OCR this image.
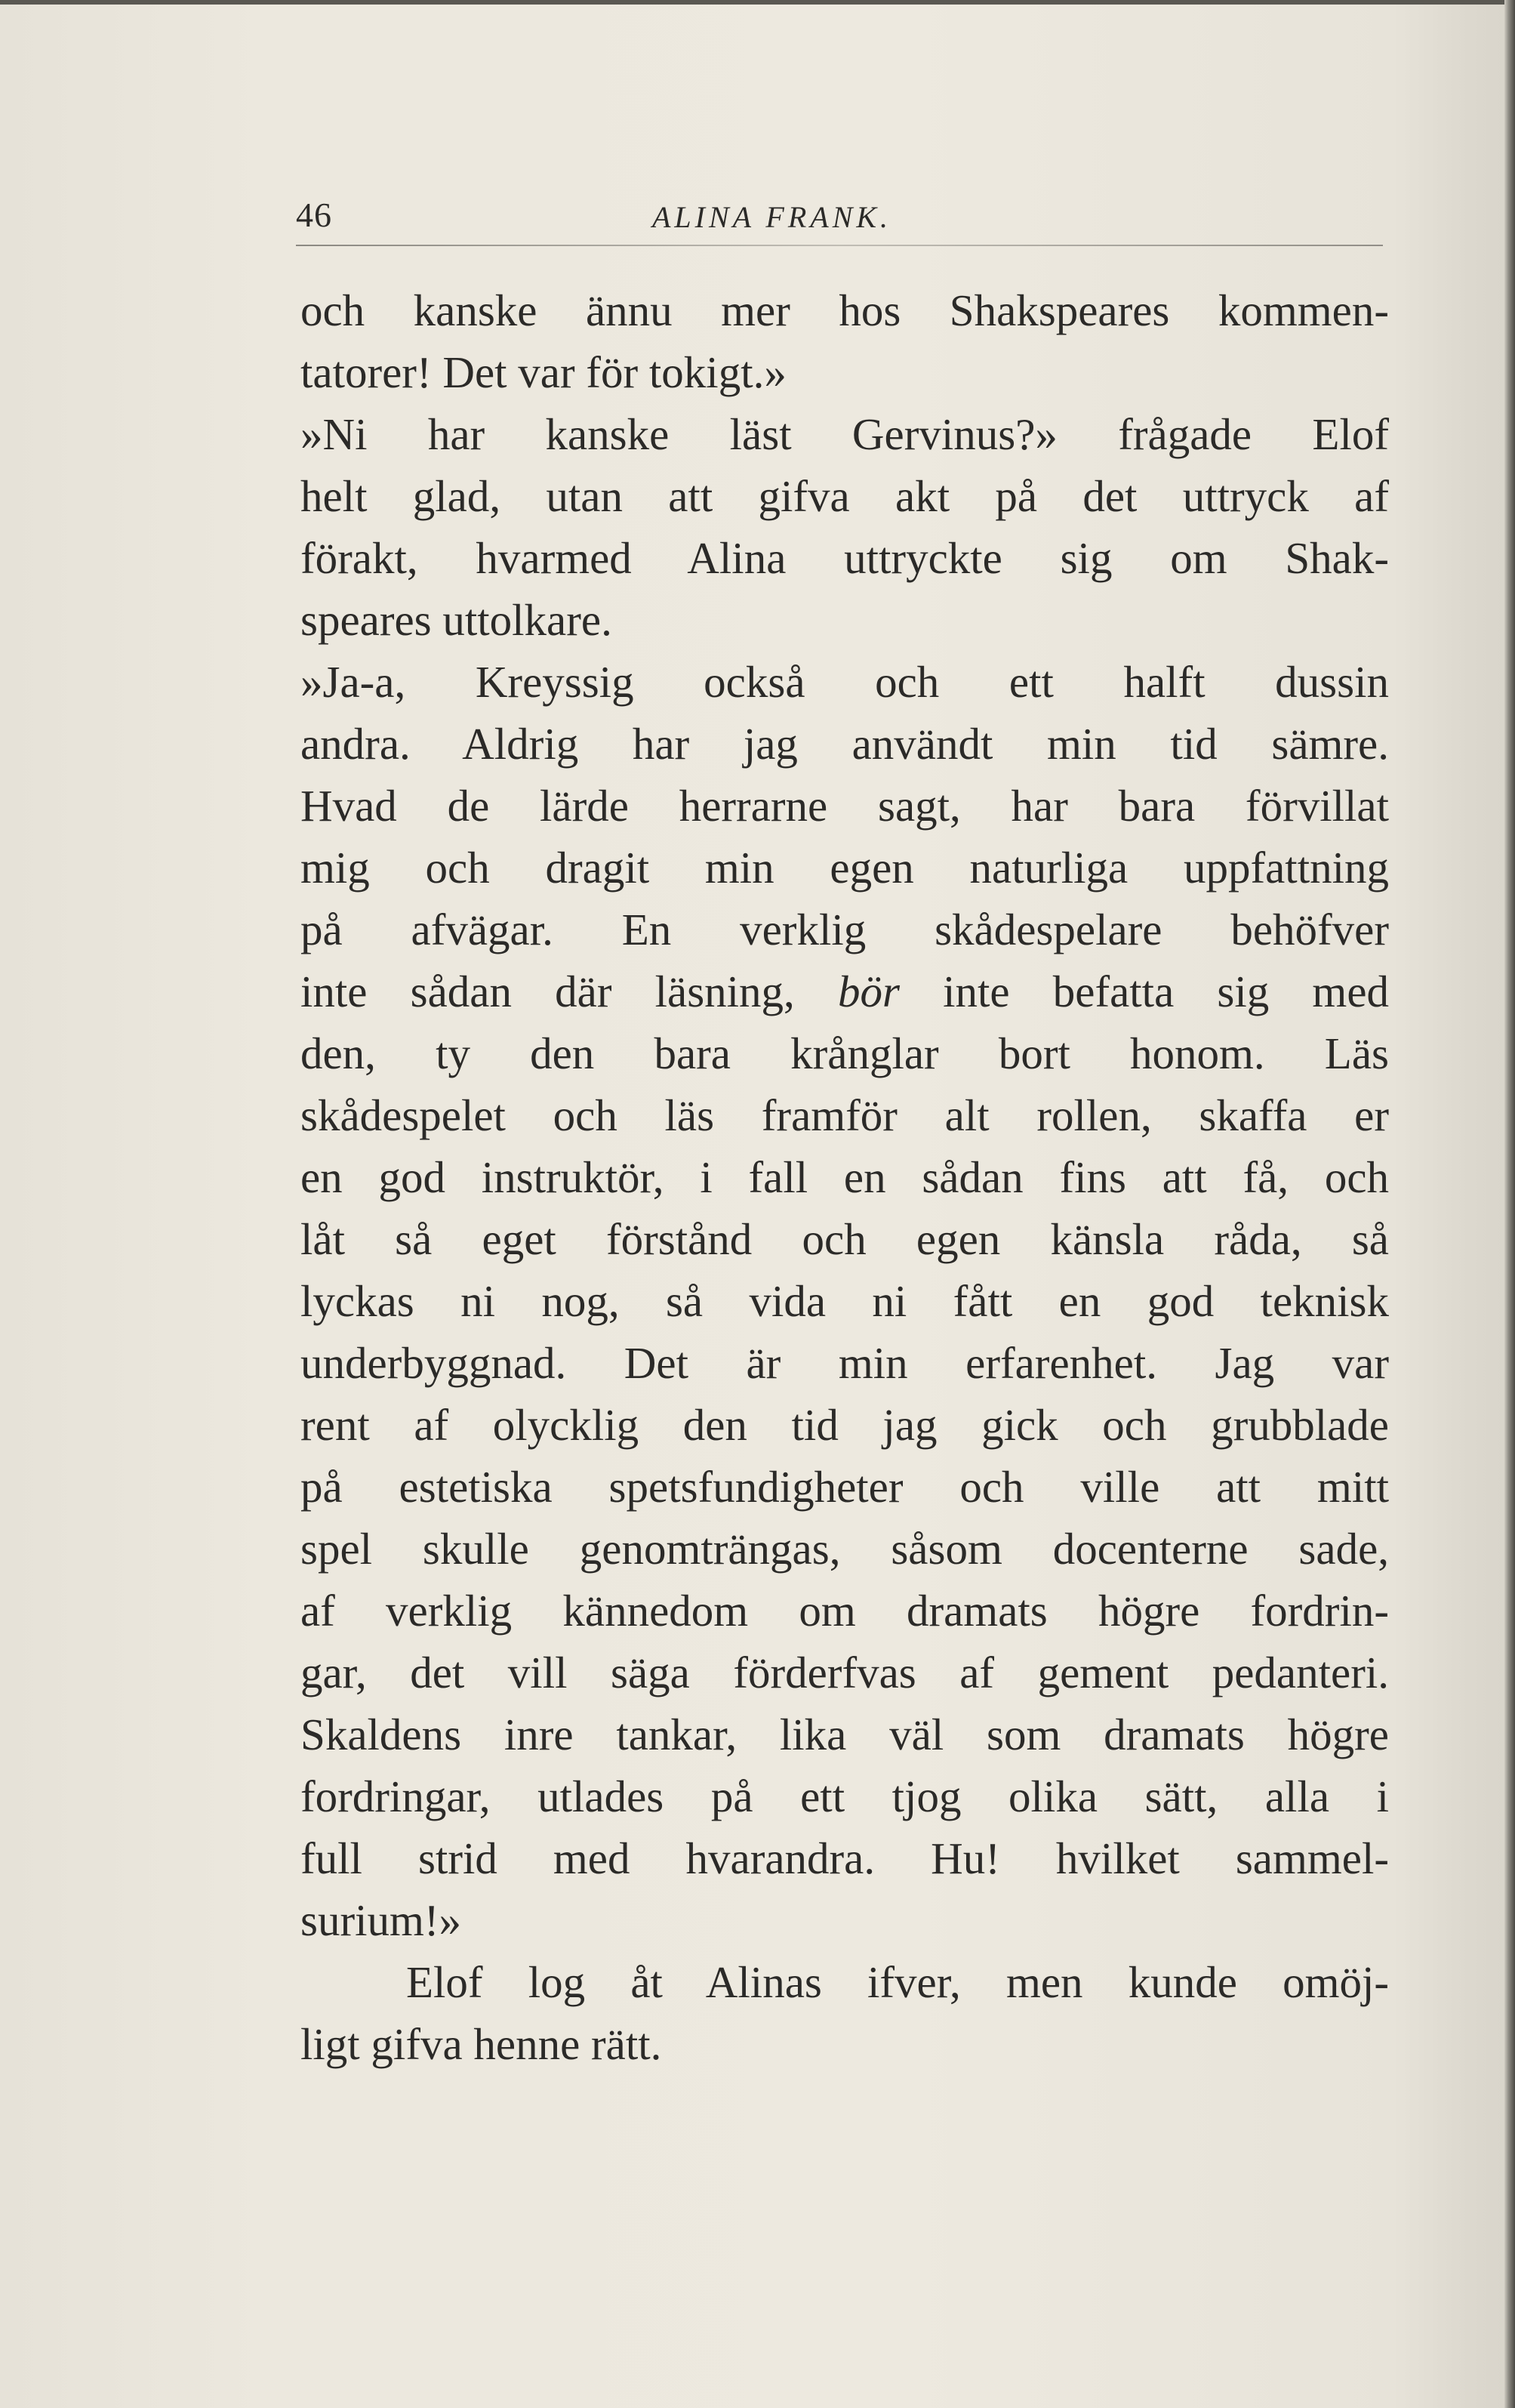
46	ALINA FRANK.
och kanske ännu mer hos Shakspeares kommen-
tatorer! Det var för tokigt.»
»Ni har kanske läst Gervinus?» frågade Elof
helt glad, utan att gifva akt på det uttryck af
förakt, hvarmed Alina uttryckte sig om Shak-
speares uttolkare.
»Ja-a, Kreyssig också och ett halft dussin
andra. Aldrig har jag användt min tid sämre.
Hvad de lärde herrarne sagt, har bara förvillat
mig och dragit min egen naturliga uppfattning
på afvägar. En verklig skådespelare behöfver
inte sådan där läsning, bör inte befatta sig med
den, ty den bara krånglar bort honom. Läs
skådespelet och läs framför alt rollen, skaffa er
en god instruktör, i fall en sådan fins att få, och
låt så eget förstånd och egen känsla råda, så
lyckas ni nog, så vida ni fått en god teknisk
underbyggnad. Det är min erfarenhet. Jag var
rent af olycklig den tid jag gick och grubblade
på estetiska spetsfundigheter och ville att mitt
spel skulle genomträngas, såsom docenterne sade,
af verklig kännedom om dramats högre fordrin-
gar, det vill säga förderfvas af gement pedanteri.
Skaldens inre tankar, lika väl som dramats högre
fordringar, utlades på ett tjog olika sätt, alla i
full strid med hvarandra. Hu! hvilket sammel-
surium!»
Elof log åt Alinas ifver, men kunde omöj-
ligt gifva henne rätt.
